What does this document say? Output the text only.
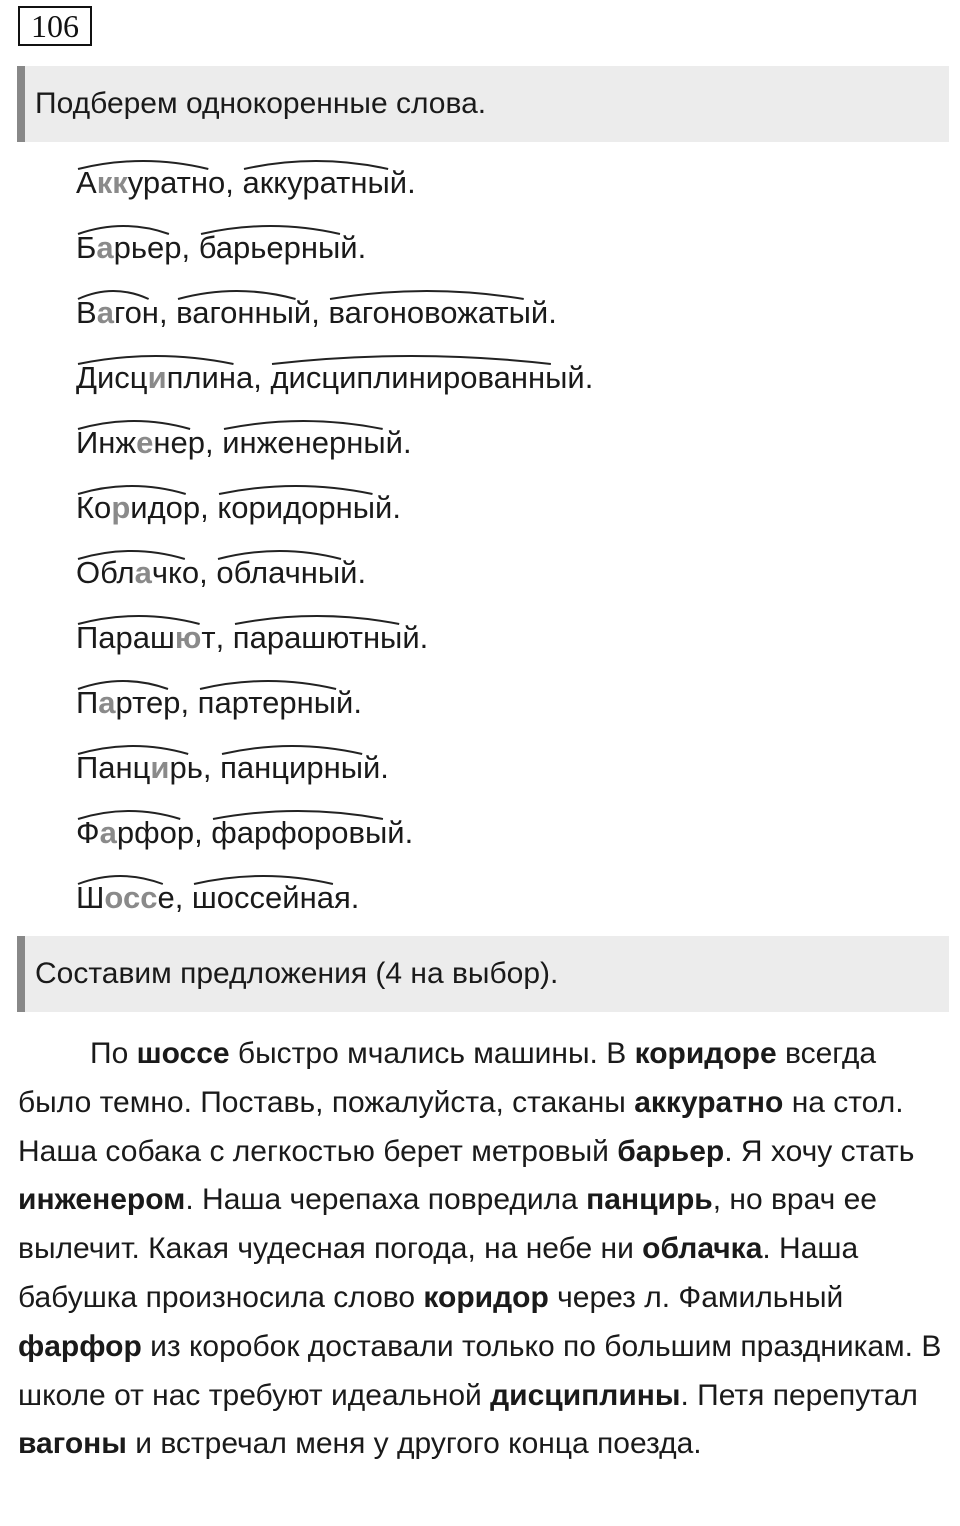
106
Подберем однокоренные слова.
Аккуратно
, аккуратный
.
Барьер
, барьерный
.
Вагон
, вагонный
, вагоновожатый
.
Дисциплина
, дисциплинированный
.
Инженер
, инженерный
.
Коридор
, коридорный
.
Облачко
, облачный
.
Парашют
, парашютный
.
Партер
, партерный
.
Панцирь
, панцирный
.
Фарфор
, фарфоровый
.
Шоссе
, шоссейная
.
Составим предложения (4 на выбор).

По шоссе быстро мчались машины. В коридоре всегда было темно. Поставь, пожалуйста, стаканы аккуратно на стол. Наша собака с легкостью берет метровый барьер. Я хочу стать инженером. Наша черепаха повредила панцирь, но врач ее вылечит. Какая чудесная погода, на небе ни облачка. Наша бабушка произносила слово коридор через л. Фамильный фарфор из коробок доставали только по большим праздникам. В школе от нас требуют идеальной дисциплины. Петя перепутал вагоны и встречал меня у другого конца поезда.
